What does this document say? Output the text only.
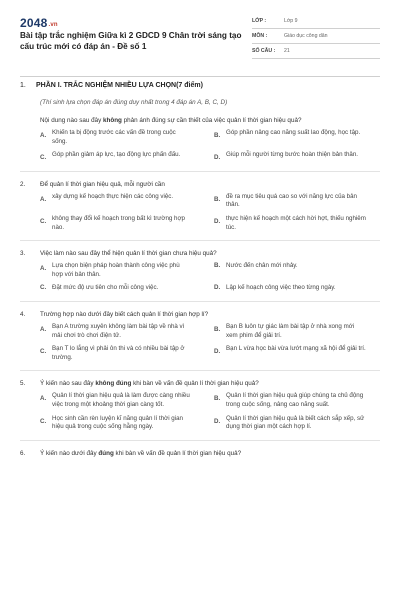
2048.vn
Bài tập trắc nghiệm Giữa kì 2 GDCD 9 Chân trời sáng tạo cấu trúc mới có đáp án - Đề số 1
LỚP :	Lớp 9
MÔN :	Giáo dục công dân
SỐ CÂU :	21
1.	PHẦN I. TRẮC NGHIỆM NHIỀU LỰA CHỌN(7 điểm)
(Thí sinh lựa chọn đáp án đúng duy nhất trong 4 đáp án A, B, C, D)
Nội dung nào sau đây không phản ánh đúng sự cần thiết của việc quản lí thời gian hiệu quả?
A. Khiến ta bị động trước các vấn đề trong cuộc sống.
B. Góp phần nâng cao năng suất lao động, học tập.
C. Góp phần giảm áp lực, tạo động lực phấn đấu.	D. Giúp mỗi người từng bước hoàn thiện bản thân.
2.	Để quản lí thời gian hiệu quả, mỗi người cần
A. xây dựng kế hoạch thực hiện các công việc.	B. đề ra mục tiêu quá cao so với năng lực của bản thân.
C. không thay đổi kế hoạch trong bất kì trường hợp nào.
D. thực hiện kế hoạch một cách hời hợt, thiếu nghiêm túc.
3.	Việc làm nào sau đây thể hiện quản lí thời gian chưa hiệu quả?
A. Lựa chọn biện pháp hoàn thành công việc phù hợp với bản thân.
B. Nước đến chân mới nhảy.
C. Đặt mức độ ưu tiên cho mỗi công việc.	D. Lập kế hoạch công việc theo từng ngày.
4.	Trường hợp nào dưới đây biết cách quản lí thời gian hợp lí?
A. Bạn A trường xuyên không làm bài tập về nhà vì mải chơi trò chơi điện tử.
B. Bạn B luôn tự giác làm bài tập ở nhà xong mới xem phim để giải trí.
C. Bạn T lo lắng vì phải ôn thi và có nhiều bài tập ở trường.
D. Bạn L vừa học bài vừa lướt mạng xã hội để giải trí.
5.	Ý kiến nào sau đây không đúng khi bàn về vấn đề quản lí thời gian hiệu quả?
A. Quản lí thời gian hiệu quả là làm được càng nhiều việc trong một khoảng thời gian càng tốt.
B. Quản lí thời gian hiệu quả giúp chúng ta chủ động trong cuộc sống, nâng cao năng suất.
C. Học sinh cần rèn luyện kĩ năng quản lí thời gian hiệu quả trong cuộc sống hằng ngày.
D. Quản lí thời gian hiệu quả là biết cách sắp xếp, sử dụng thời gian một cách hợp lí.
6.	Ý kiến nào dưới đây đúng khi bàn về vấn đề quản lí thời gian hiệu quả?
